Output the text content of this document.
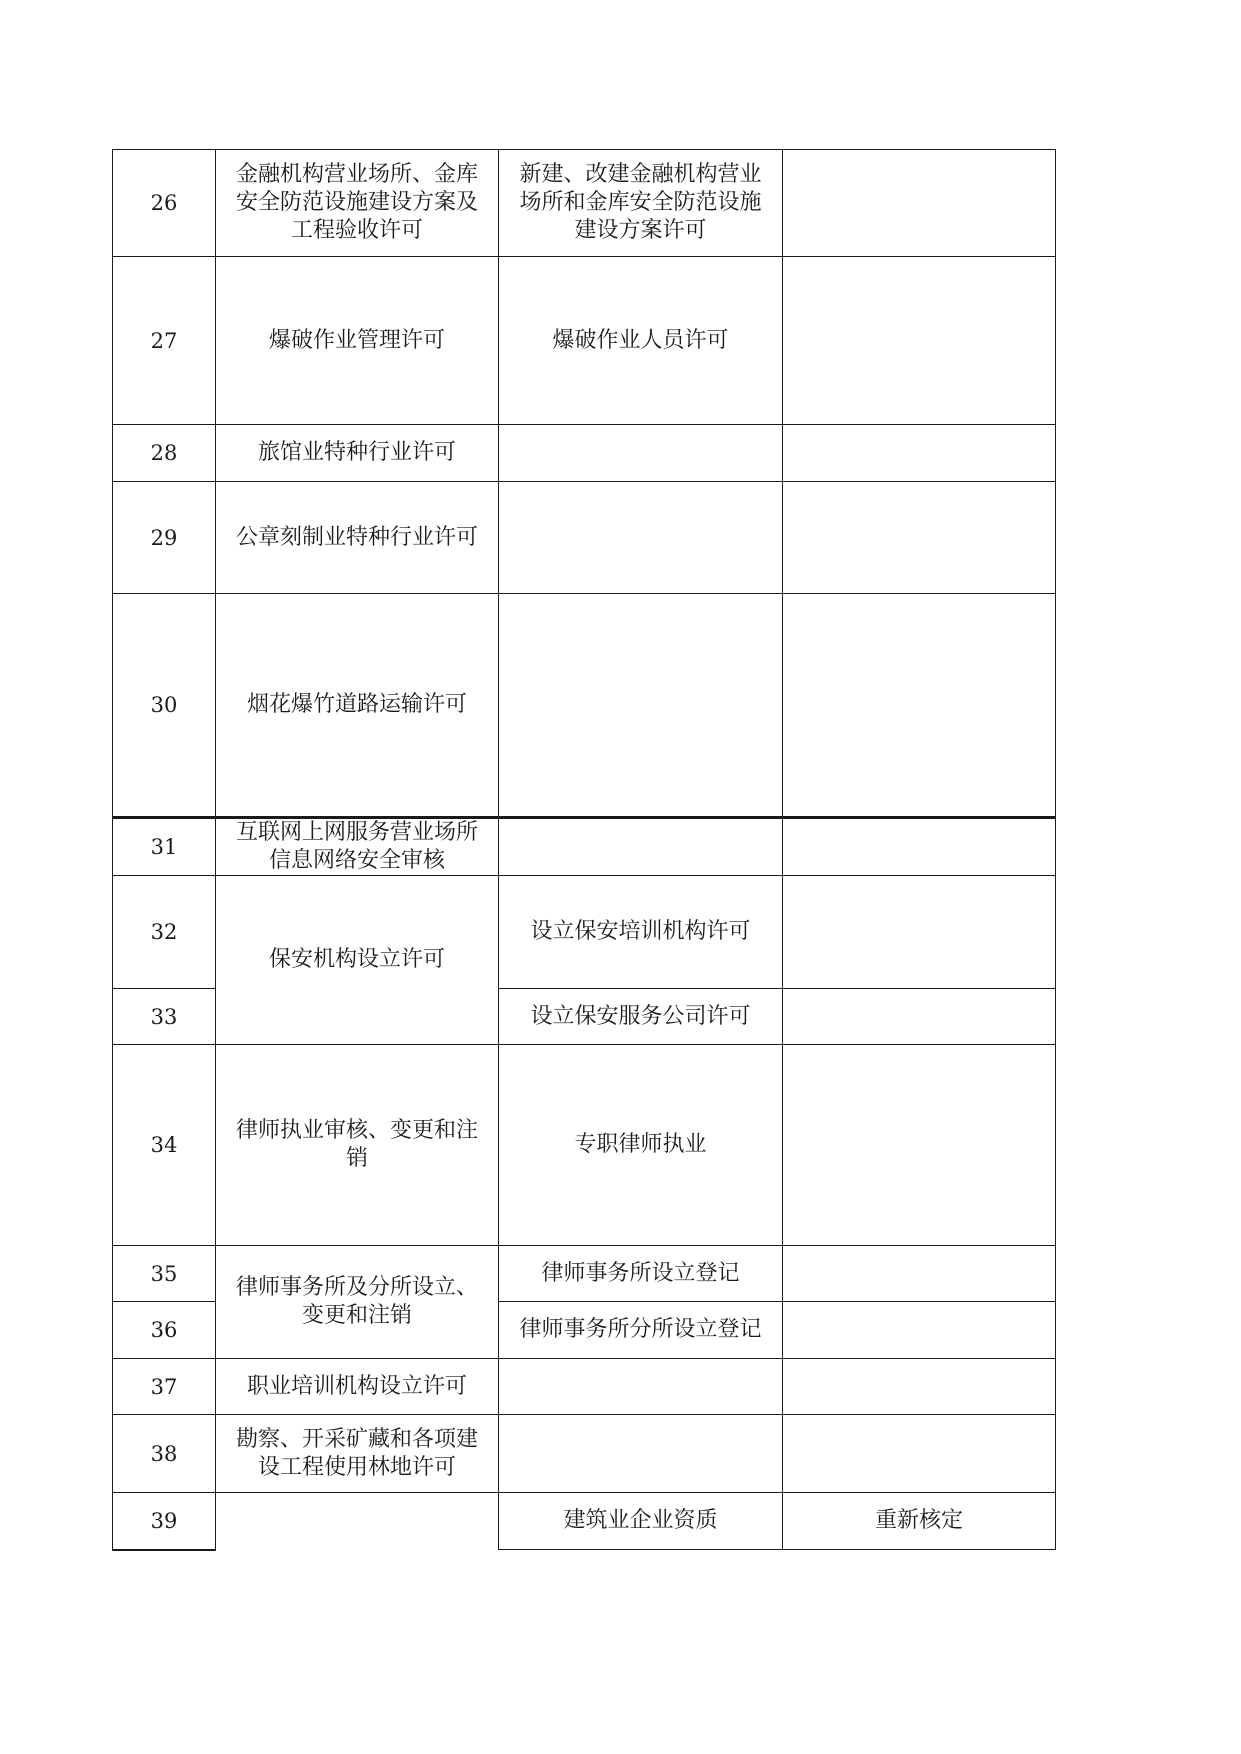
26	金融机构营业场所、金库安全防范设施建设方案及工程验收许可	新建、改建金融机构营业场所和金库安全防范设施建设方案许可	
27	爆破作业管理许可	爆破作业人员许可	
28	旅馆业特种行业许可		
29	公章刻制业特种行业许可		
30	烟花爆竹道路运输许可		
31	互联网上网服务营业场所信息网络安全审核		
32	保安机构设立许可	设立保安培训机构许可	
33		设立保安服务公司许可	
34	律师执业审核、变更和注销	专职律师执业	
35	律师事务所及分所设立、变更和注销	律师事务所设立登记	
36		律师事务所分所设立登记	
37	职业培训机构设立许可		
38	勘察、开采矿藏和各项建设工程使用林地许可		
39		建筑业企业资质	重新核定
